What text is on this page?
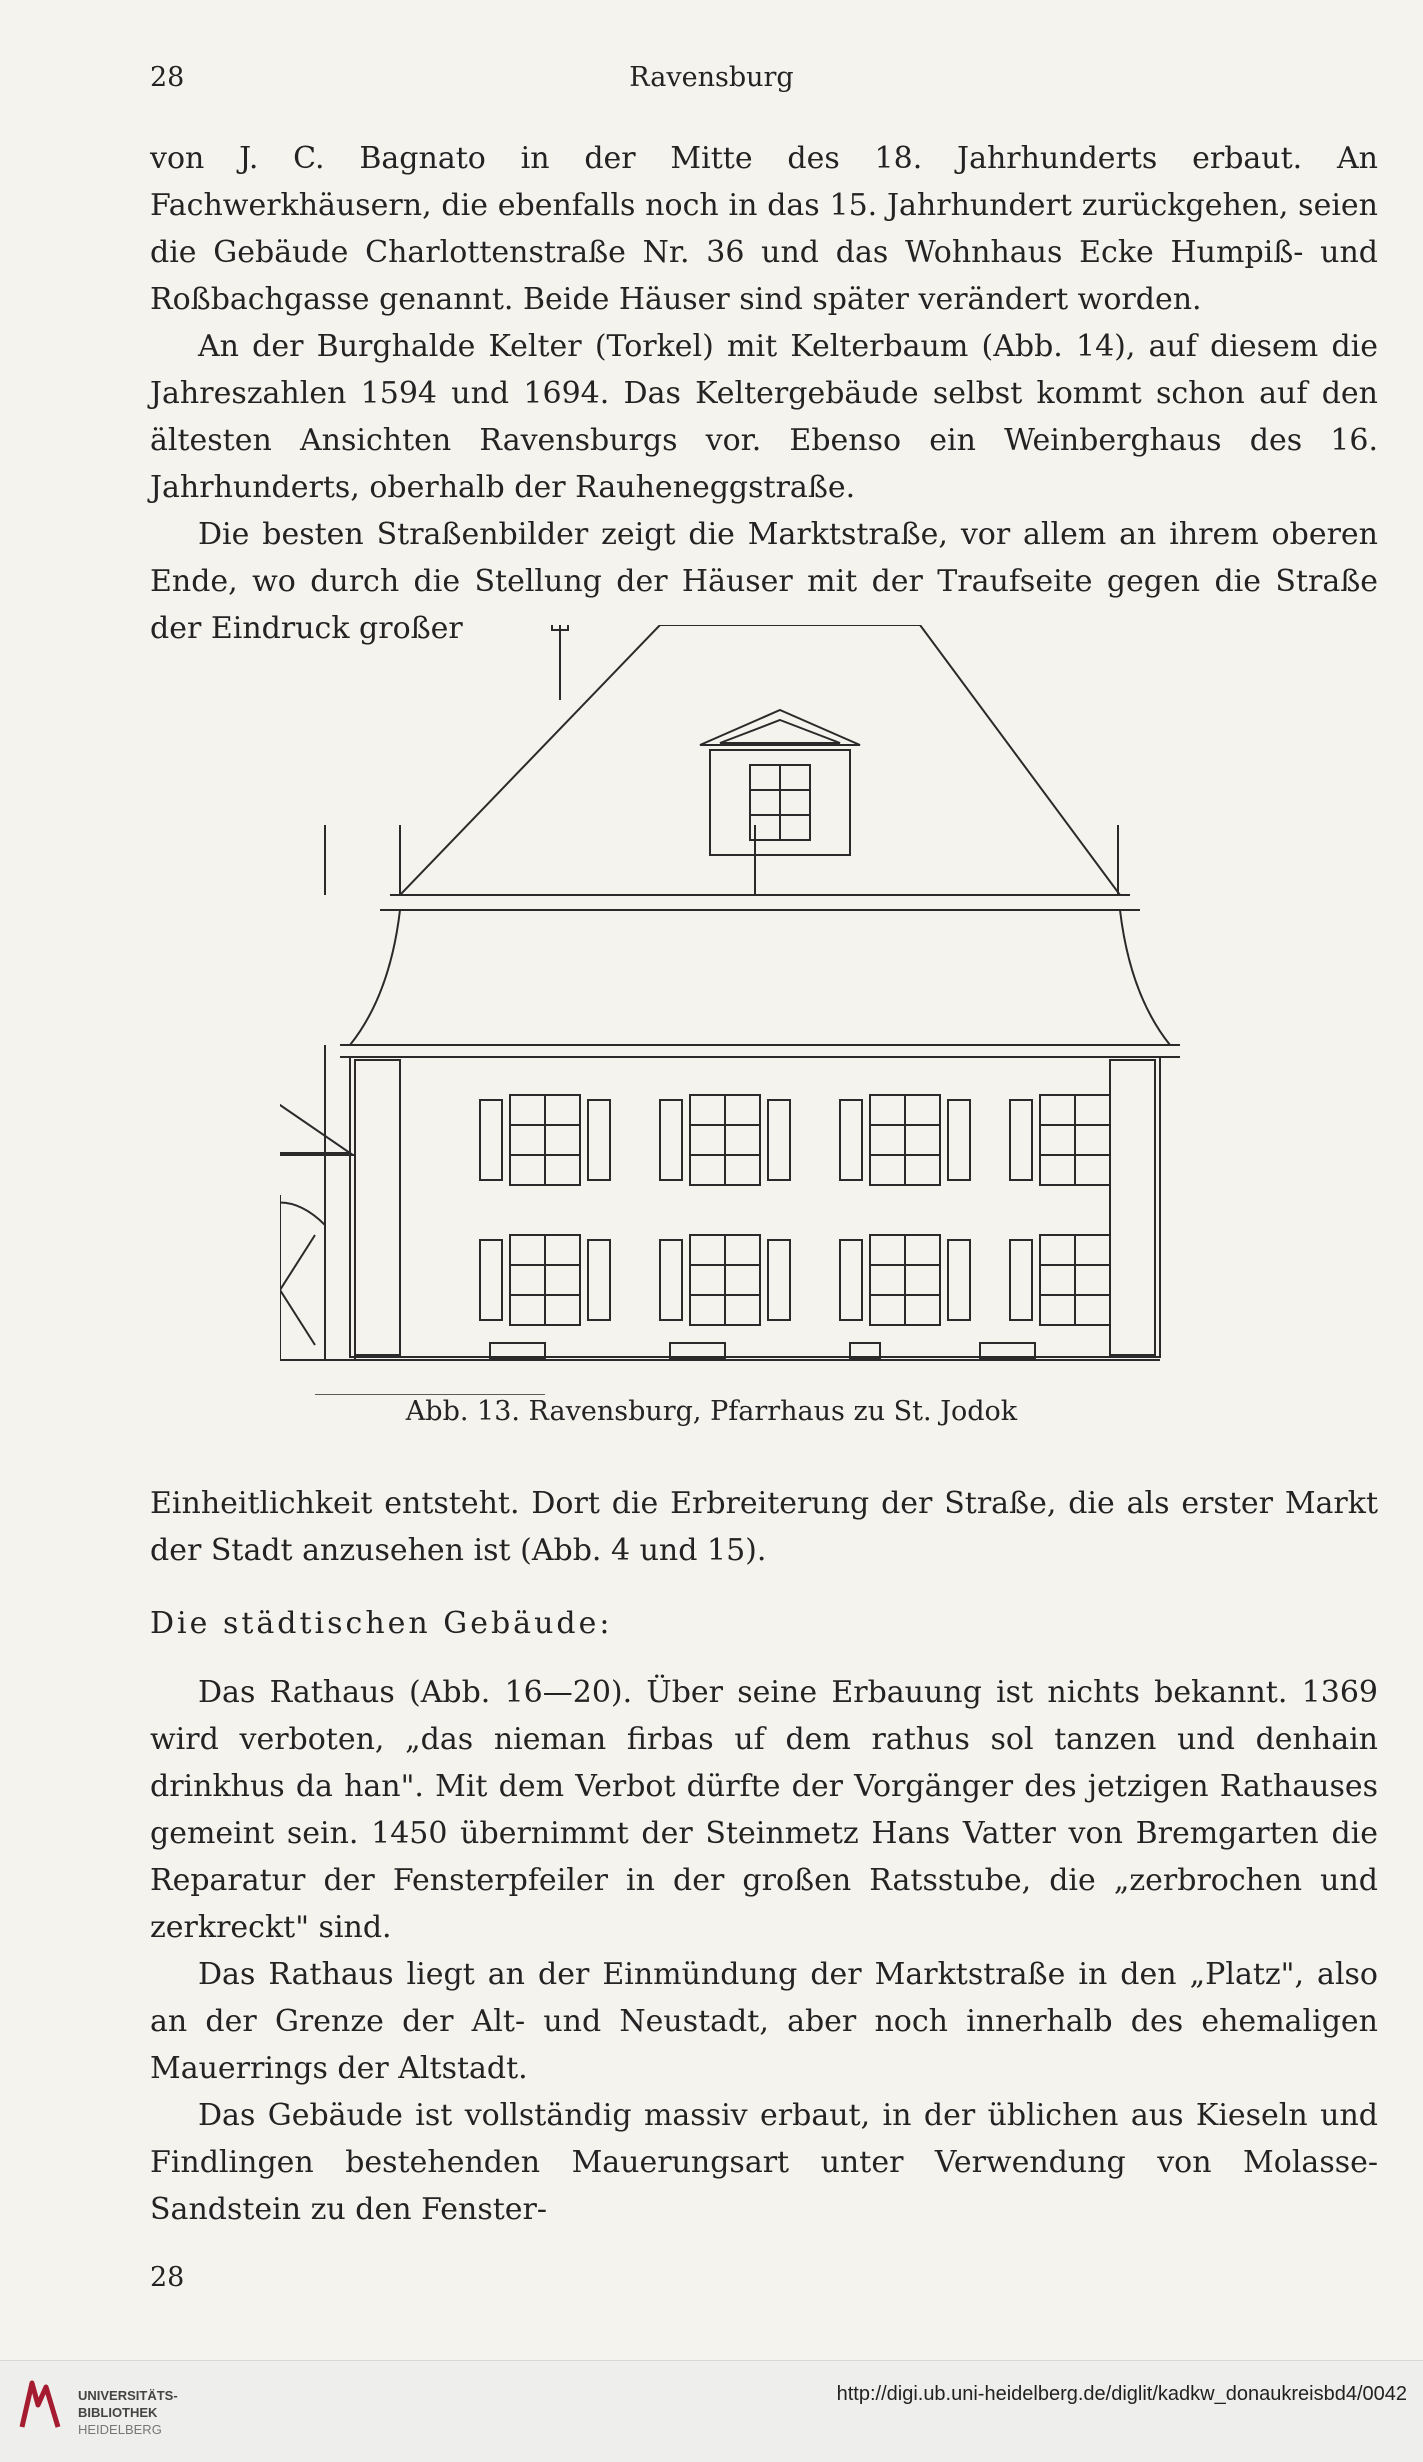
28	Ravensburg

von J. C. Bagnato in der Mitte des 18. Jahrhunderts erbaut. An Fachwerkhäusern, die ebenfalls noch in das 15. Jahrhundert zurückgehen, seien die Gebäude Charlottenstraße Nr. 36 und das Wohnhaus Ecke Humpiß- und Roßbachgasse genannt. Beide Häuser sind später verändert worden.

An der Burghalde Kelter (Torkel) mit Kelterbaum (Abb. 14), auf diesem die Jahreszahlen 1594 und 1694. Das Keltergebäude selbst kommt schon auf den ältesten Ansichten Ravensburgs vor. Ebenso ein Weinberghaus des 16. Jahrhunderts, oberhalb der Rauheneggstraße.

Die besten Straßenbilder zeigt die Marktstraße, vor allem an ihrem oberen Ende, wo durch die Stellung der Häuser mit der Traufseite gegen die Straße der Eindruck großer

Abb. 13. Ravensburg, Pfarrhaus zu St. Jodok

Einheitlichkeit entsteht. Dort die Erbreiterung der Straße, die als erster Markt der Stadt anzusehen ist (Abb. 4 und 15).

Die städtischen Gebäude:

Das Rathaus (Abb. 16—20). Über seine Erbauung ist nichts bekannt. 1369 wird verboten, „das nieman firbas uf dem rathus sol tanzen und denhain drinkhus da han". Mit dem Verbot dürfte der Vorgänger des jetzigen Rathauses gemeint sein. 1450 übernimmt der Steinmetz Hans Vatter von Bremgarten die Reparatur der Fensterpfeiler in der großen Ratsstube, die „zerbrochen und zerkreckt" sind.

Das Rathaus liegt an der Einmündung der Marktstraße in den „Platz", also an der Grenze der Alt- und Neustadt, aber noch innerhalb des ehemaligen Mauerrings der Altstadt.

Das Gebäude ist vollständig massiv erbaut, in der üblichen aus Kieseln und Findlingen bestehenden Mauerungsart unter Verwendung von Molasse-Sandstein zu den Fenster-

28
UNIVERSITÄTS-
BIBLIOTHEK
HEIDELBERG
http://digi.ub.uni-heidelberg.de/diglit/kadkw_donaukreisbd4/0042
